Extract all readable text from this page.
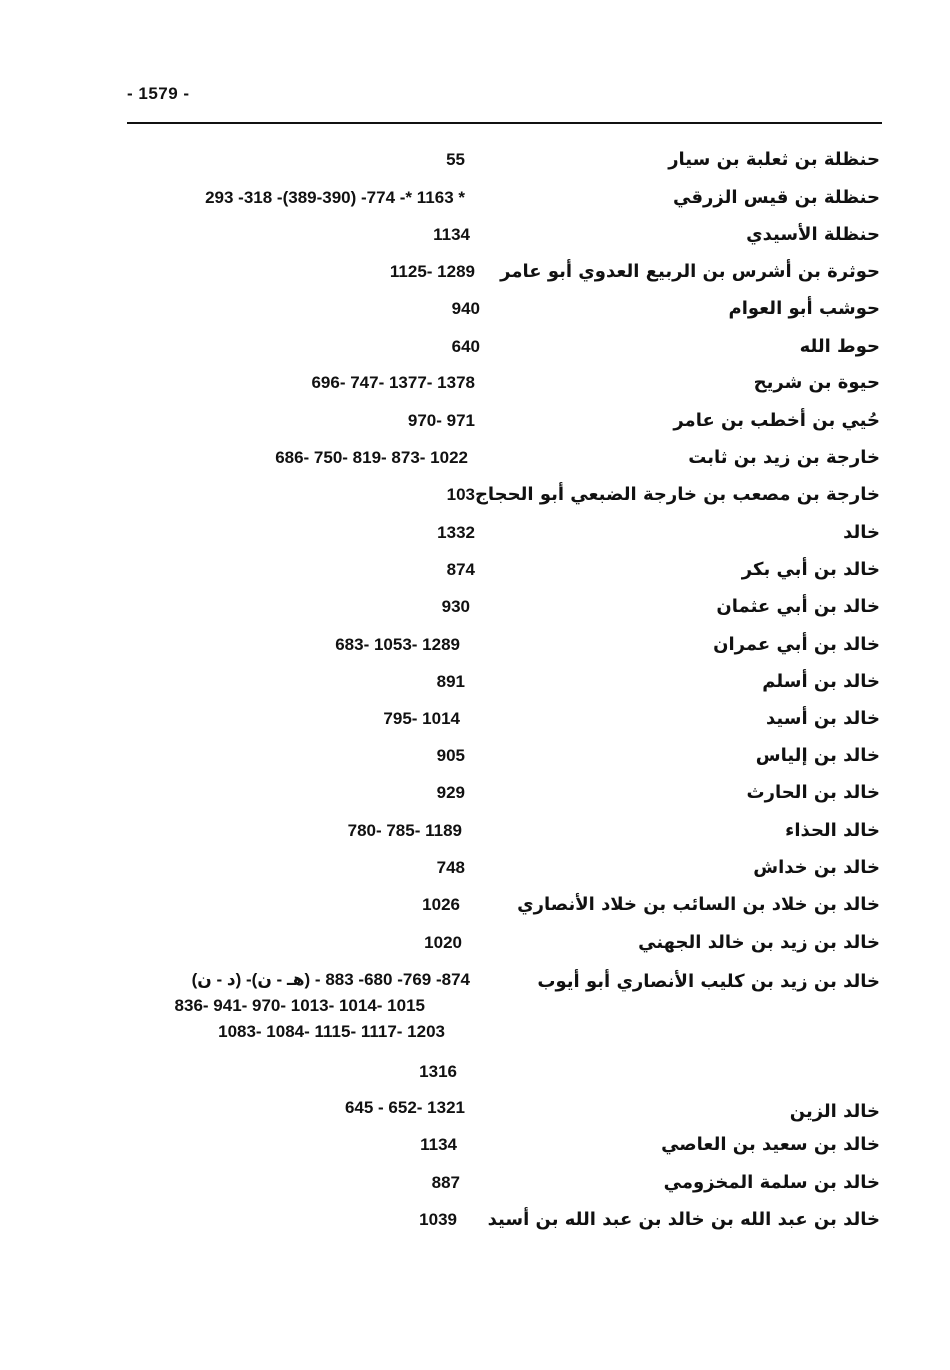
- 1579 -
حنظلة بن ثعلبة بن سيار
55
حنظلة بن قيس الزرقي
293 -318 -(389-390) -774 -* 1163 *
حنظلة الأسيدي
1134
حوثرة بن أشرس بن الربيع العدوي أبو عامر
1125- 1289
حوشب أبو العوام
940
حوط الله
640
حيوة بن شريح
696- 747- 1377- 1378
حُيي بن أخطب بن عامر
970- 971
خارجة بن زيد بن ثابت
686- 750- 819- 873- 1022
خارجة بن مصعب بن خارجة الضبعي أبو الحجاج
103
خالد
1332
خالد بن أبي بكر
874
خالد بن أبي عثمان
930
خالد بن أبي عمران
683- 1053- 1289
خالد بن أسلم
891
خالد بن أسيد
795- 1014
خالد بن إلياس
905
خالد بن الحارث
929
خالد الحذاء
780- 785- 1189
خالد بن خداش
748
خالد بن خلاد بن السائب بن خلاد الأنصاري
1026
خالد بن زيد بن خالد الجهني
1020
خالد بن زيد بن كليب الأنصاري أبو أيوب
(د - ن) -(هـ - ن) - 874- 769- 680- 883
836- 941- 970- 1013- 1014- 1015
1083- 1084- 1115- 1117- 1203
1316
خالد الزين
645 - 652- 1321
خالد بن سعيد بن العاصي
1134
خالد بن سلمة المخزومي
887
خالد بن عبد الله بن خالد بن عبد الله بن أسيد
1039
